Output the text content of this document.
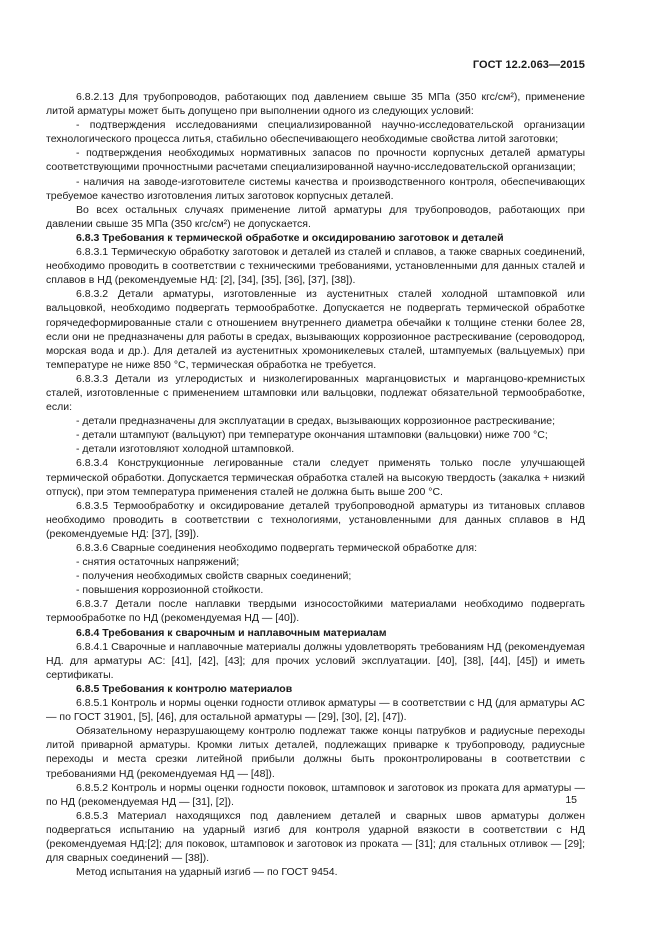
ГОСТ 12.2.063—2015

6.8.2.13 Для трубопроводов, работающих под давлением свыше 35 МПа (350 кгс/см²), применение литой арматуры может быть допущено при выполнении одного из следующих условий:

- подтверждения исследованиями специализированной научно-исследовательской организации технологического процесса литья, стабильно обеспечивающего необходимые свойства литой заготовки;

- подтверждения необходимых нормативных запасов по прочности корпусных деталей арматуры соответствующими прочностными расчетами специализированной научно-исследовательской организации;

- наличия на заводе-изготовителе системы качества и производственного контроля, обеспечивающих требуемое качество изготовления литых заготовок корпусных деталей.

Во всех остальных случаях применение литой арматуры для трубопроводов, работающих при давлении свыше 35 МПа (350 кгс/см²) не допускается.

6.8.3 Требования к термической обработке и оксидированию заготовок и деталей

6.8.3.1 Термическую обработку заготовок и деталей из сталей и сплавов, а также сварных соединений, необходимо проводить в соответствии с техническими требованиями, установленными для данных сталей и сплавов в НД (рекомендуемые НД: [2], [34], [35], [36], [37], [38]).

6.8.3.2 Детали арматуры, изготовленные из аустенитных сталей холодной штамповкой или вальцовкой, необходимо подвергать термообработке. Допускается не подвергать термической обработке горячедеформированные стали с отношением внутреннего диаметра обечайки к толщине стенки более 28, если они не предназначены для работы в средах, вызывающих коррозионное растрескивание (сероводород, морская вода и др.). Для деталей из аустенитных хромоникелевых сталей, штампуемых (вальцуемых) при температуре не ниже 850 °С, термическая обработка не требуется.

6.8.3.3 Детали из углеродистых и низколегированных марганцовистых и марганцово-кремнистых сталей, изготовленные с применением штамповки или вальцовки, подлежат обязательной термообработке, если:

- детали предназначены для эксплуатации в средах, вызывающих коррозионное растрескивание;

- детали штампуют (вальцуют) при температуре окончания штамповки (вальцовки) ниже 700 °С;

- детали изготовляют холодной штамповкой.

6.8.3.4 Конструкционные легированные стали следует применять только после улучшающей термической обработки. Допускается термическая обработка сталей на высокую твердость (закалка + низкий отпуск), при этом температура применения сталей не должна быть выше 200 °С.

6.8.3.5 Термообработку и оксидирование деталей трубопроводной арматуры из титановых сплавов необходимо проводить в соответствии с технологиями, установленными для данных сплавов в НД (рекомендуемые НД: [37], [39]).

6.8.3.6 Сварные соединения необходимо подвергать термической обработке для:

- снятия остаточных напряжений;

- получения необходимых свойств сварных соединений;

- повышения коррозионной стойкости.

6.8.3.7 Детали после наплавки твердыми износостойкими материалами необходимо подвергать термообработке по НД (рекомендуемая НД — [40]).

6.8.4 Требования к сварочным и наплавочным материалам

6.8.4.1 Сварочные и наплавочные материалы должны удовлетворять требованиям НД (рекомендуемая НД. для арматуры АС: [41], [42], [43]; для прочих условий эксплуатации. [40], [38], [44], [45]) и иметь сертификаты.

6.8.5 Требования к контролю материалов

6.8.5.1 Контроль и нормы оценки годности отливок арматуры — в соответствии с НД (для арматуры АС — по ГОСТ 31901, [5], [46], для остальной арматуры — [29], [30], [2], [47]).

Обязательному неразрушающему контролю подлежат также концы патрубков и радиусные переходы литой приварной арматуры. Кромки литых деталей, подлежащих приварке к трубопроводу, радиусные переходы и места срезки литейной прибыли должны быть проконтролированы в соответствии с требованиями НД (рекомендуемая НД — [48]).

6.8.5.2 Контроль и нормы оценки годности поковок, штамповок и заготовок из проката для арматуры — по НД (рекомендуемая НД — [31], [2]).

6.8.5.3 Материал находящихся под давлением деталей и сварных швов арматуры должен подвергаться испытанию на ударный изгиб для контроля ударной вязкости в соответствии с НД (рекомендуемая НД:[2]; для поковок, штамповок и заготовок из проката — [31]; для стальных отливок — [29]; для сварных соединений — [38]).

Метод испытания на ударный изгиб — по ГОСТ 9454.

15
